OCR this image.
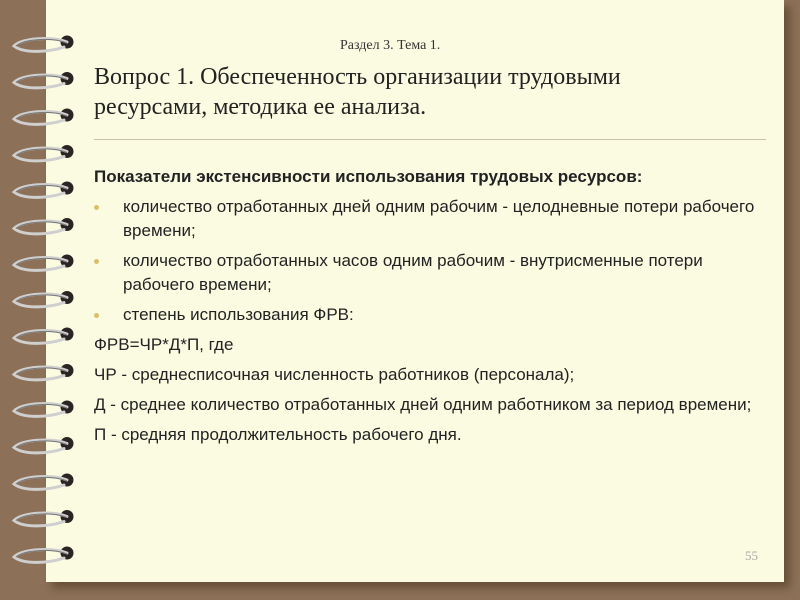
Раздел 3. Тема 1.
Вопрос 1. Обеспеченность организации трудовыми ресурсами, методика ее анализа.
Показатели экстенсивности использования трудовых ресурсов:
количество отработанных дней одним рабочим - целодневные потери рабочего времени;
количество отработанных часов одним рабочим - внутрисменные потери рабочего времени;
степень использования ФРВ:
ФРВ=ЧР*Д*П, где
ЧР - среднесписочная численность работников (персонала);
Д - среднее количество отработанных дней одним работником за период времени;
П - средняя продолжительность рабочего дня.
55
